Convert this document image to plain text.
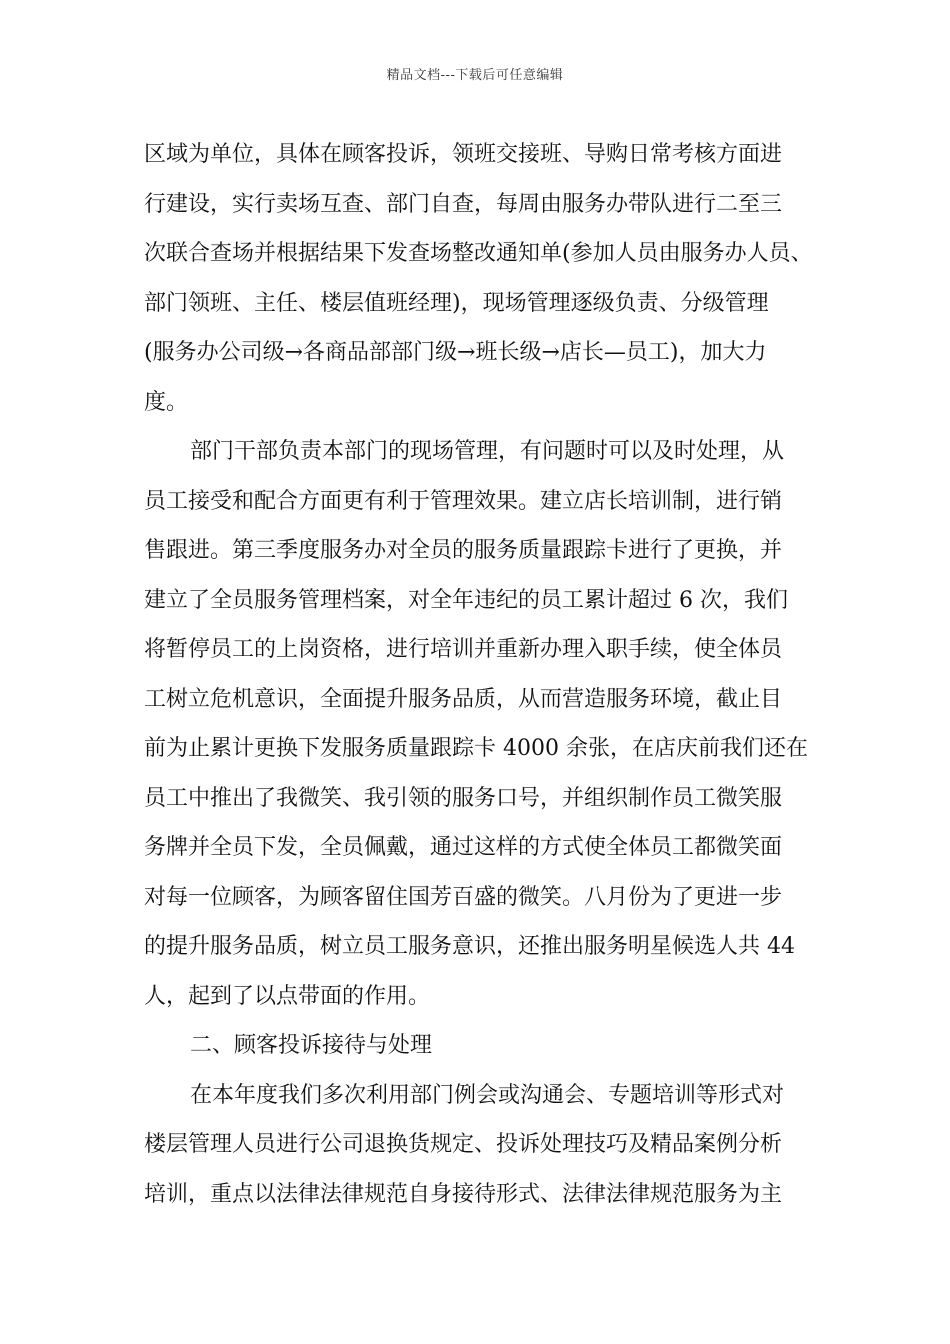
精品文档---下载后可任意编辑
区域为单位，具体在顾客投诉，领班交接班、导购日常考核方面进
行建设，实行卖场互查、部门自查，每周由服务办带队进行二至三
次联合查场并根据结果下发查场整改通知单(参加人员由服务办人员、
部门领班、主任、楼层值班经理)，现场管理逐级负责、分级管理
(服务办公司级→各商品部部门级→班长级→店长—员工)，加大力
度。
部门干部负责本部门的现场管理，有问题时可以及时处理，从
员工接受和配合方面更有利于管理效果。建立店长培训制，进行销
售跟进。第三季度服务办对全员的服务质量跟踪卡进行了更换，并
建立了全员服务管理档案，对全年违纪的员工累计超过 6 次，我们
将暂停员工的上岗资格，进行培训并重新办理入职手续，使全体员
工树立危机意识，全面提升服务品质，从而营造服务环境，截止目
前为止累计更换下发服务质量跟踪卡 4000 余张，在店庆前我们还在
员工中推出了我微笑、我引领的服务口号，并组织制作员工微笑服
务牌并全员下发，全员佩戴，通过这样的方式使全体员工都微笑面
对每一位顾客，为顾客留住国芳百盛的微笑。八月份为了更进一步
的提升服务品质，树立员工服务意识，还推出服务明星候选人共 44
人，起到了以点带面的作用。
二、顾客投诉接待与处理
在本年度我们多次利用部门例会或沟通会、专题培训等形式对
楼层管理人员进行公司退换货规定、投诉处理技巧及精品案例分析
培训，重点以法律法律规范自身接待形式、法律法律规范服务为主
